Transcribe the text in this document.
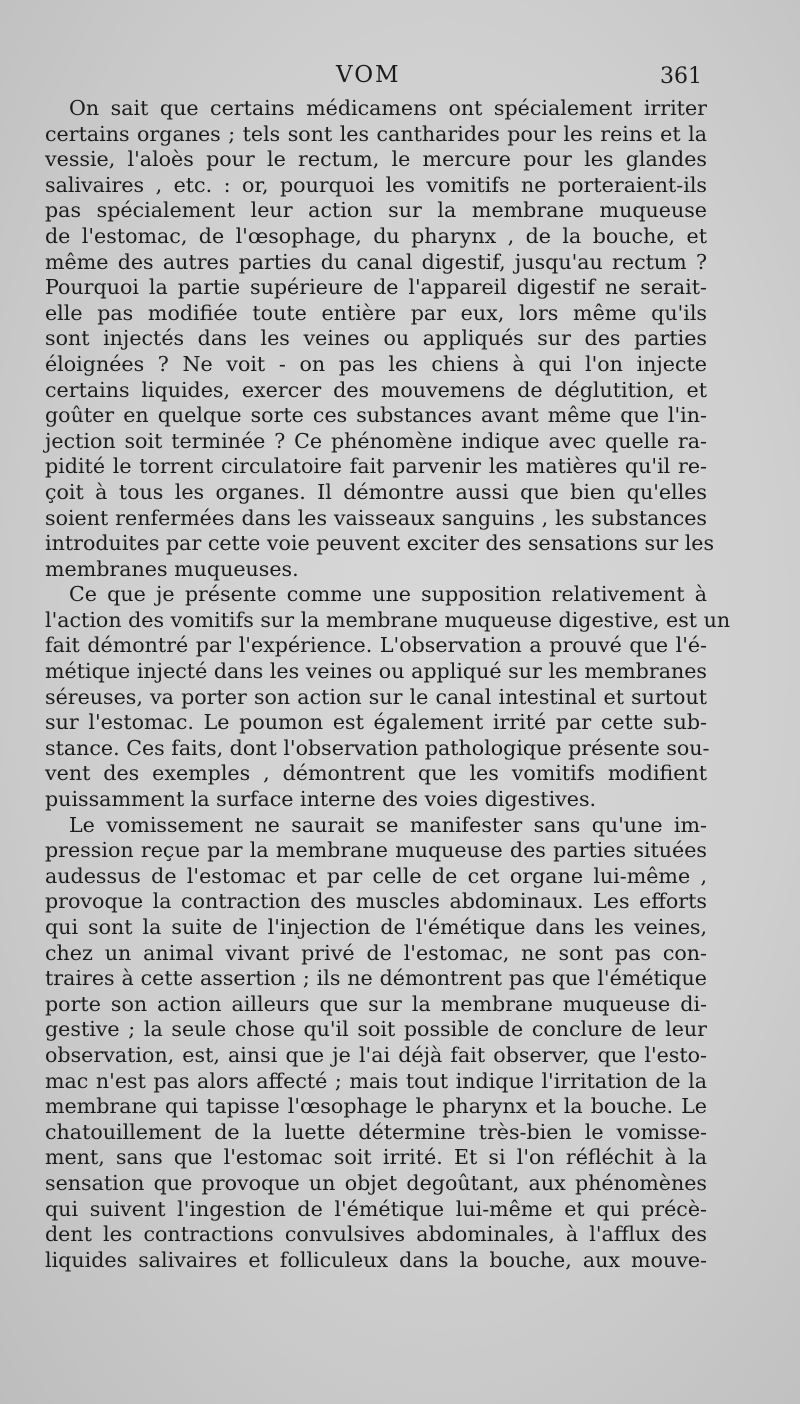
VOM	361
On sait que certains médicamens ont spécialement irriter
certains organes ; tels sont les cantharides pour les reins et la
vessie, l'aloès pour le rectum, le mercure pour les glandes
salivaires , etc. : or, pourquoi les vomitifs ne porteraient-ils
pas spécialement leur action sur la membrane muqueuse
de l'estomac, de l'œsophage, du pharynx , de la bouche, et
même des autres parties du canal digestif, jusqu'au rectum ?
Pourquoi la partie supérieure de l'appareil digestif ne serait-
elle pas modifiée toute entière par eux, lors même qu'ils
sont injectés dans les veines ou appliqués sur des parties
éloignées ? Ne voit - on pas les chiens à qui l'on injecte
certains liquides, exercer des mouvemens de déglutition, et
goûter en quelque sorte ces substances avant même que l'in-
jection soit terminée ? Ce phénomène indique avec quelle ra-
pidité le torrent circulatoire fait parvenir les matières qu'il re-
çoit à tous les organes. Il démontre aussi que bien qu'elles
soient renfermées dans les vaisseaux sanguins , les substances
introduites par cette voie peuvent exciter des sensations sur les
membranes muqueuses.
Ce que je présente comme une supposition relativement à
l'action des vomitifs sur la membrane muqueuse digestive, est un
fait démontré par l'expérience. L'observation a prouvé que l'é-
métique injecté dans les veines ou appliqué sur les membranes
séreuses, va porter son action sur le canal intestinal et surtout
sur l'estomac. Le poumon est également irrité par cette sub-
stance. Ces faits, dont l'observation pathologique présente sou-
vent des exemples , démontrent que les vomitifs modifient
puissamment la surface interne des voies digestives.
Le vomissement ne saurait se manifester sans qu'une im-
pression reçue par la membrane muqueuse des parties situées
audessus de l'estomac et par celle de cet organe lui-même ,
provoque la contraction des muscles abdominaux. Les efforts
qui sont la suite de l'injection de l'émétique dans les veines,
chez un animal vivant privé de l'estomac, ne sont pas con-
traires à cette assertion ; ils ne démontrent pas que l'émétique
porte son action ailleurs que sur la membrane muqueuse di-
gestive ; la seule chose qu'il soit possible de conclure de leur
observation, est, ainsi que je l'ai déjà fait observer, que l'esto-
mac n'est pas alors affecté ; mais tout indique l'irritation de la
membrane qui tapisse l'œsophage le pharynx et la bouche. Le
chatouillement de la luette détermine très-bien le vomisse-
ment, sans que l'estomac soit irrité. Et si l'on réfléchit à la
sensation que provoque un objet degoûtant, aux phénomènes
qui suivent l'ingestion de l'émétique lui-même et qui précè-
dent les contractions convulsives abdominales, à l'afflux des
liquides salivaires et folliculeux dans la bouche, aux mouve-
